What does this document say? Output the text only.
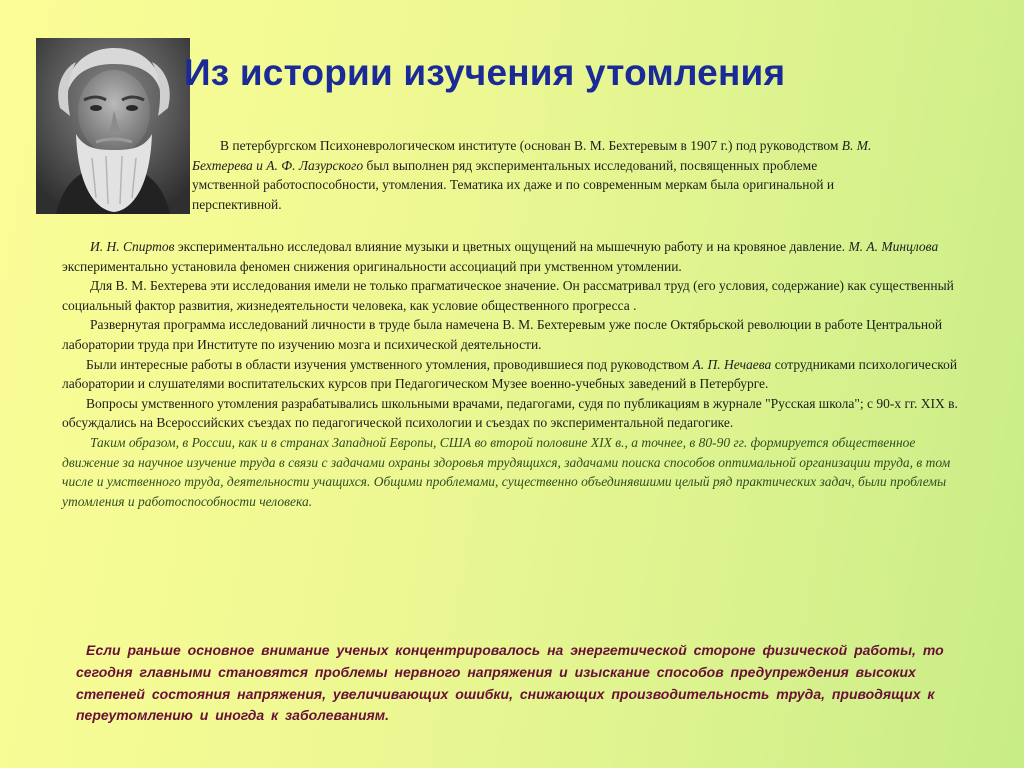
Из истории изучения утомления

В петербургском Психоневрологическом институте (основан В. М. Бехтеревым в 1907 г.) под руководством В. М. Бехтерева и А. Ф. Лазурского был выполнен ряд экспериментальных исследований, посвященных проблеме умственной работоспособности, утомления. Тематика их даже и по современным меркам была оригинальной и перспективной.

И. Н. Спиртов экспериментально исследовал влияние музыки и цветных ощущений на мышечную работу и на кровяное давление. М. А. Минцлова экспериментально установила феномен снижения оригинальности ассоциаций при умственном утомлении.

Для В. М. Бехтерева эти исследования имели не только прагматическое значение. Он рассматривал труд (его условия, содержание) как существенный социальный фактор развития, жизнедеятельности человека, как условие общественного прогресса .

Развернутая программа исследований личности в труде была намечена В. М. Бехтеревым уже после Октябрьской революции в работе Центральной лаборатории труда при Институте по изучению мозга и психической деятельности.

Были интересные работы в области изучения умственного утомления, проводившиеся под руководством А. П. Нечаева сотрудниками психологической лаборатории и слушателями воспитательских курсов при Педагогическом Музее военно-учебных заведений в Петербурге.

Вопросы умственного утомления разрабатывались школьными врачами, педагогами, судя по публикациям в журнале "Русская школа"; с 90-х гг. XIX в. обсуждались на Всероссийских съездах по педагогической психологии и съездах по экспериментальной педагогике.

Таким образом, в России, как и в странах Западной Европы, США во второй половине XIX в., а точнее, в 80-90 гг. формируется общественное движение за научное изучение труда в связи с задачами охраны здоровья трудящихся, задачами поиска способов оптимальной организации труда, в том числе и умственного труда, деятельности учащихся. Общими проблемами, существенно объединявшими целый ряд практических задач, были проблемы утомления и работоспособности человека.

Если раньше основное внимание ученых концентрировалось на энергетической стороне физической работы, то сегодня главными становятся проблемы нервного напряжения и изыскание способов предупреждения высоких степеней состояния напряжения, увеличивающих ошибки, снижающих производительность труда, приводящих к переутомлению и иногда к заболеваниям.
